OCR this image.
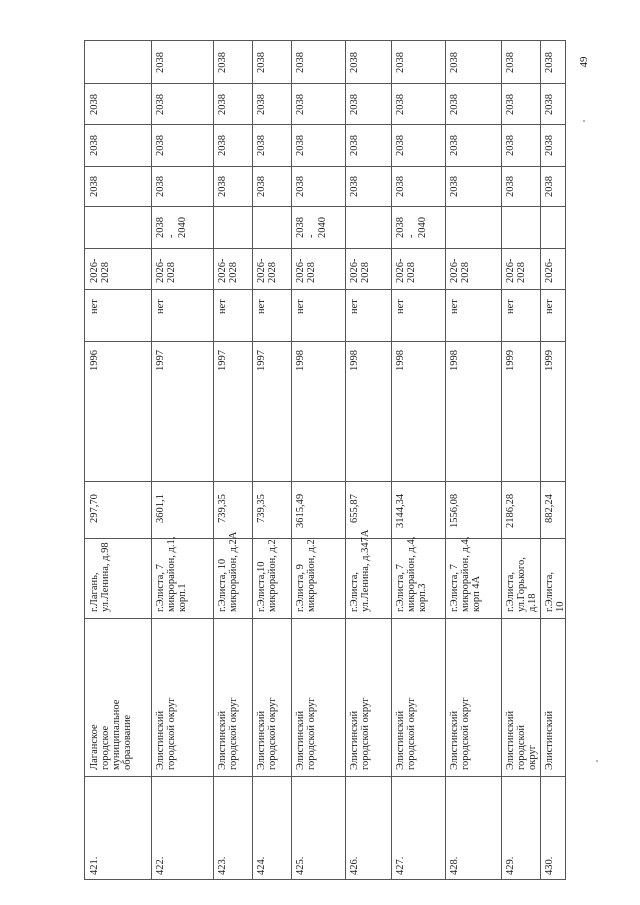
49
421.
Лаганское
городское
муниципальное
образование
г.Лагань,
ул.Ленина, д.98
297,70
1996
нет
2026-
2028
2038
2038
2038
422.
Элистинский
городской округ
г.Элиста, 7
микрорайон, д.1,
корп.1
3601,1
1997
нет
2026-
2028
2038
-
2040
2038
2038
2038
2038
423.
Элистинский
городской округ
г.Элиста, 10
микрорайон, д.2А
739,35
1997
нет
2026-
2028
2038
2038
2038
2038
424.
Элистинский
городской округ
г.Элиста,10
микрорайон, д.2
739,35
1997
нет
2026-
2028
2038
2038
2038
2038
425.
Элистинский
городской округ
г.Элиста, 9
микрорайон, д.2
3615,49
1998
нет
2026-
2028
2038
-
2040
2038
2038
2038
2038
426.
Элистинский
городской округ
г.Элиста,
ул.Ленина, д.347А
655,87
1998
нет
2026-
2028
2038
2038
2038
2038
427.
Элистинский
городской округ
г.Элиста, 7
микрорайон, д.4,
корп.3
3144,34
1998
нет
2026-
2028
2038
-
2040
2038
2038
2038
2038
428.
Элистинский
городской округ
г.Элиста, 7
микрорайон, д.4,
корп 4А
1556,08
1998
нет
2026-
2028
2038
2038
2038
2038
429.
Элистинский
городской округ
г.Элиста,
ул.Горького, д.18
2186,28
1999
нет
2026-
2028
2038
2038
2038
2038
430.
Элистинский
г.Элиста, 10
882,24
1999
нет
2026-
2038
2038
2038
2038
